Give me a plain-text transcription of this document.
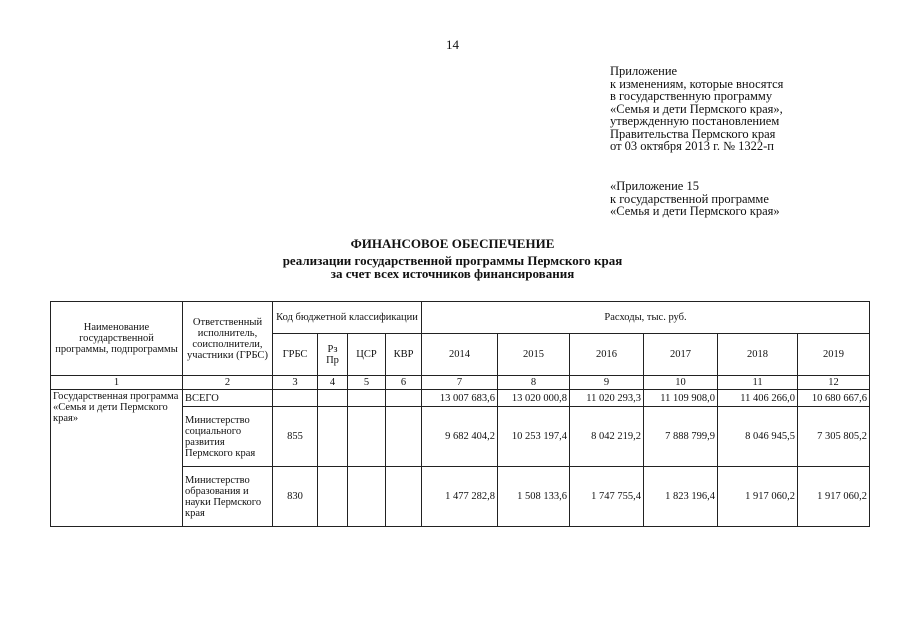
14
Приложение
к изменениям, которые вносятся
в государственную программу
«Семья и дети Пермского края»,
утвержденную постановлением
Правительства Пермского края
от 03 октября 2013 г. № 1322-п
«Приложение 15
к государственной программе
«Семья и дети Пермского края»
ФИНАНСОВОЕ ОБЕСПЕЧЕНИЕ
реализации государственной программы Пермского края
за счет всех источников финансирования
Наименование государственной программы, подпрограммы	Ответственный исполнитель, соисполнители, участники (ГРБС)	Код бюджетной классификации				Расходы, тыс. руб.					
		ГРБС	Рз Пр	ЦСР	КВР	2014	2015	2016	2017	2018	2019
1	2	3	4	5	6	7	8	9	10	11	12
Государственная программа «Семья и дети Пермского края»	ВСЕГО					13 007 683,6	13 020 000,8	11 020 293,3	11 109 908,0	11 406 266,0	10 680 667,6
	Министерство социального развития Пермского края	855				9 682 404,2	10 253 197,4	8 042 219,2	7 888 799,9	8 046 945,5	7 305 805,2
	Министерство образования и науки Пермского края	830				1 477 282,8	1 508 133,6	1 747 755,4	1 823 196,4	1 917 060,2	1 917 060,2
